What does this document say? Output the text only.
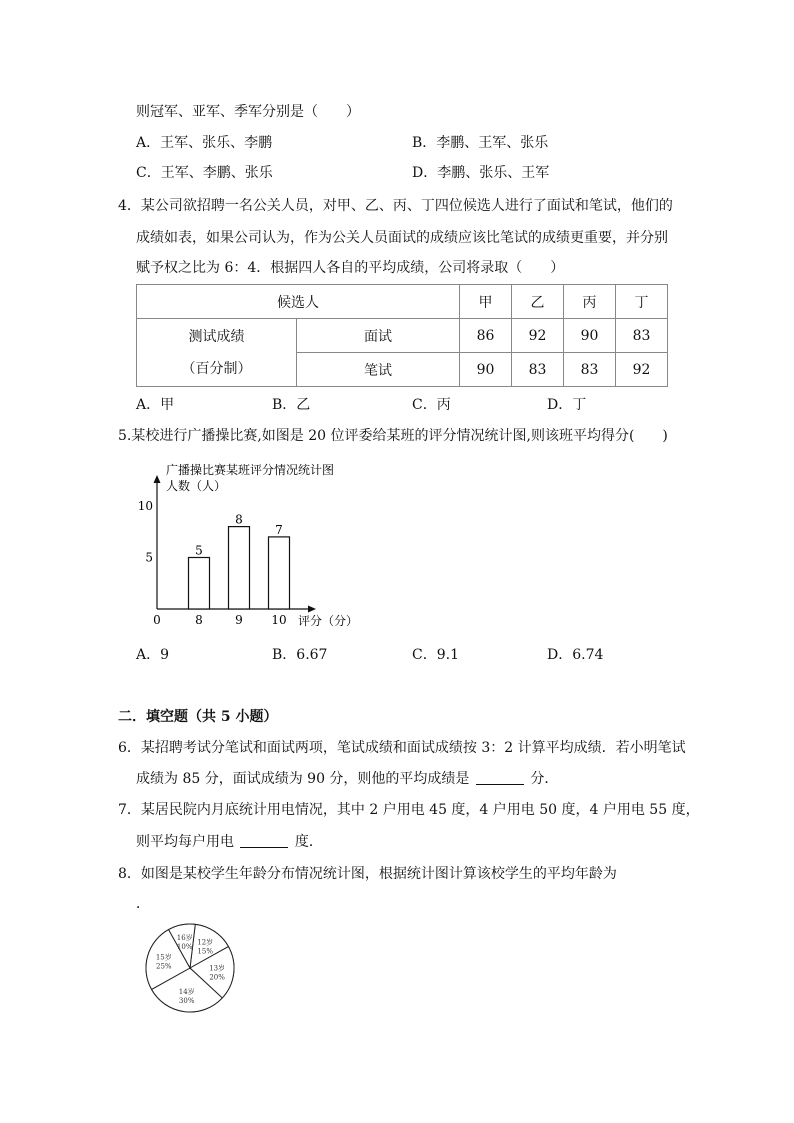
则冠军、亚军、季军分别是（　　）
A．王军、张乐、李鹏	B．李鹏、王军、张乐
C．王军、李鹏、张乐	D．李鹏、张乐、王军
4．某公司欲招聘一名公关人员，对甲、乙、丙、丁四位候选人进行了面试和笔试，他们的
成绩如表，如果公司认为，作为公关人员面试的成绩应该比笔试的成绩更重要，并分别
赋予权之比为 6：4．根据四人各自的平均成绩，公司将录取（　　）
候选人		甲	乙	丙	丁

测试成绩
（百分制）	面试	86	92	90	83
	笔试	90	83	83	92
A．甲	B．乙	C．丙	D．丁
5.某校进行广播操比赛,如图是 20 位评委给某班的评分情况统计图,则该班平均得分(　　)
广播操比赛某班评分情况统计图
人数（人）
0	评分（分）
5
10
5
8
8
9
7
10
A．9	B．6.67	C．9.1	D．6.74
二．填空题（共 5 小题）
6．某招聘考试分笔试和面试两项，笔试成绩和面试成绩按 3：2 计算平均成绩．若小明笔试
成绩为 85 分，面试成绩为 90 分，则他的平均成绩是	分．
7．某居民院内月底统计用电情况，其中 2 户用电 45 度，4 户用电 50 度，4 户用电 55 度，
则平均每户用电	度．
8．如图是某校学生年龄分布情况统计图，根据统计图计算该校学生的平均年龄为
．
12岁
15%
13岁
20%
14岁
30%
15岁
25%
16岁
10%
